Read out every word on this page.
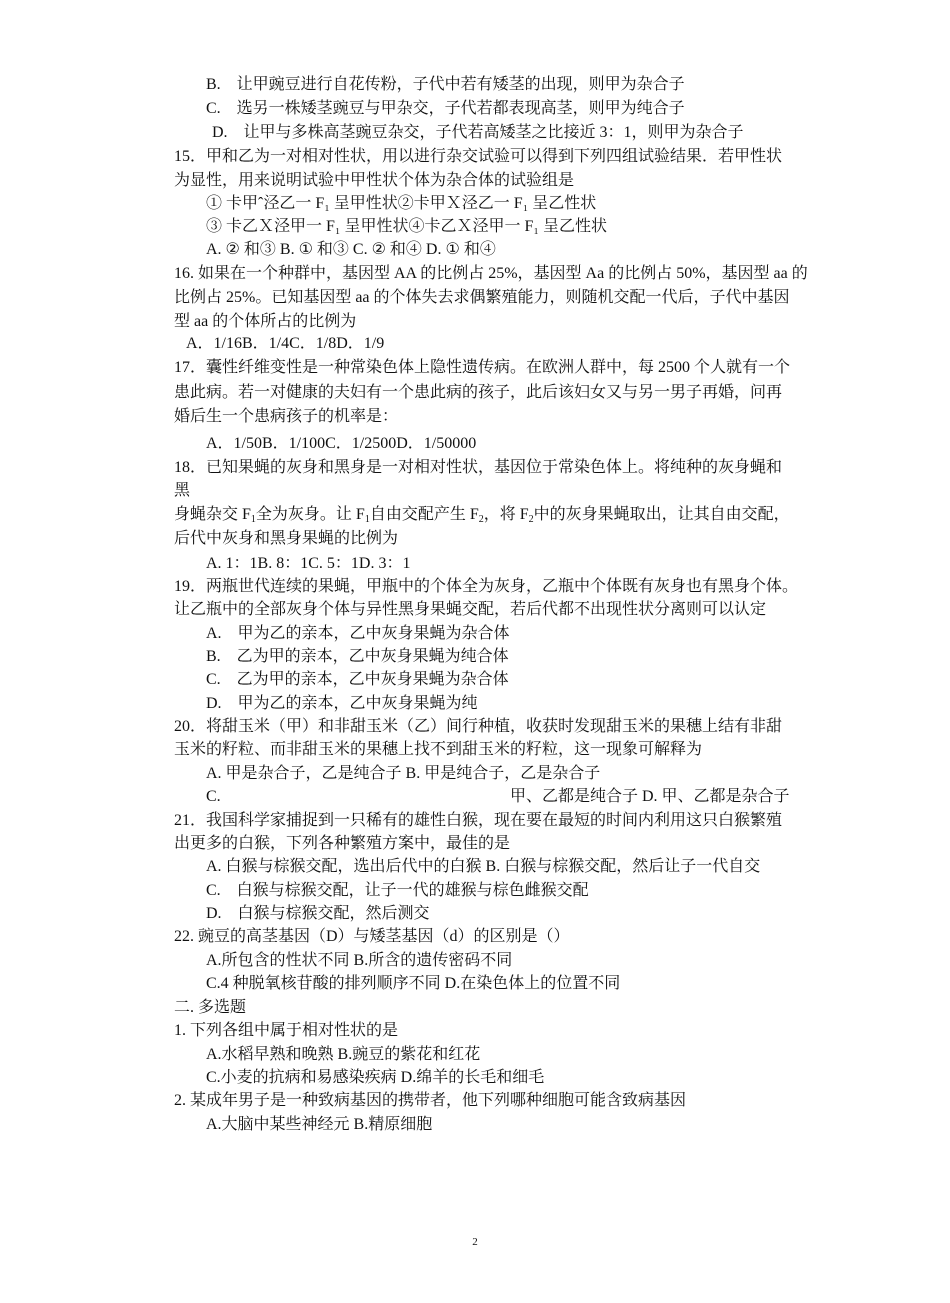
B.　让甲豌豆进行自花传粉，子代中若有矮茎的出现，则甲为杂合子
C.　选另一株矮茎豌豆与甲杂交，子代若都表现高茎，则甲为纯合子
D.　让甲与多株高茎豌豆杂交，子代若高矮茎之比接近 3：1，则甲为杂合子
15．甲和乙为一对相对性状，用以进行杂交试验可以得到下列四组试验结果．若甲性状
为显性，用来说明试验中甲性状个体为杂合体的试验组是
① 卡甲ˆ泾乙一 F₁ 呈甲性状②卡甲Ｘ泾乙一 F₁ 呈乙性状
③ 卡乙Ｘ泾甲一 F₁ 呈甲性状④卡乙Ｘ泾甲一 F₁ 呈乙性状
A. ② 和③ B. ① 和③ C. ② 和④ D. ① 和④
16. 如果在一个种群中，基因型 AA 的比例占 25%，基因型 Aa 的比例占 50%，基因型 aa 的
比例占 25%。已知基因型 aa 的个体失去求偶繁殖能力，则随机交配一代后，子代中基因
型 aa 的个体所占的比例为
A．1/16B．1/4C．1/8D．1/9
17．囊性纤维变性是一种常染色体上隐性遗传病。在欧洲人群中，每 2500 个人就有一个
患此病。若一对健康的夫妇有一个患此病的孩子，此后该妇女又与另一男子再婚，问再
婚后生一个患病孩子的机率是：
A．1/50B．1/100C．1/2500D．1/50000
18．已知果蝇的灰身和黑身是一对相对性状，基因位于常染色体上。将纯种的灰身蝇和
黑
身蝇杂交 $F_1$全为灰身。让 $F_1$自由交配产生 $F_2$，将 $F_2$中的灰身果蝇取出，让其自由交配，
后代中灰身和黑身果蝇的比例为
A. 1：1B. 8：1C. 5：1D. 3：1
19．两瓶世代连续的果蝇，甲瓶中的个体全为灰身，乙瓶中个体既有灰身也有黑身个体。
让乙瓶中的全部灰身个体与异性黑身果蝇交配，若后代都不出现性状分离则可以认定
A.　甲为乙的亲本，乙中灰身果蝇为杂合体
B.　乙为甲的亲本，乙中灰身果蝇为纯合体
C.　乙为甲的亲本，乙中灰身果蝇为杂合体
D.　甲为乙的亲本，乙中灰身果蝇为纯
20．将甜玉米（甲）和非甜玉米（乙）间行种植，收获时发现甜玉米的果穗上结有非甜
玉米的籽粒、而非甜玉米的果穗上找不到甜玉米的籽粒，这一现象可解释为
A. 甲是杂合子，乙是纯合子 B. 甲是纯合子，乙是杂合子
C.	甲、乙都是纯合子 D. 甲、乙都是杂合子
21．我国科学家捕捉到一只稀有的雄性白猴，现在要在最短的时间内利用这只白猴繁殖
出更多的白猴，下列各种繁殖方案中，最佳的是
A. 白猴与棕猴交配，选出后代中的白猴 B. 白猴与棕猴交配，然后让子一代自交
C.　白猴与棕猴交配，让子一代的雄猴与棕色雌猴交配
D.　白猴与棕猴交配，然后测交
22. 豌豆的高茎基因（D）与矮茎基因（d）的区别是（）
A.所包含的性状不同 B.所含的遗传密码不同
C.4 种脱氧核苷酸的排列顺序不同 D.在染色体上的位置不同
二. 多选题
1. 下列各组中属于相对性状的是
A.水稻早熟和晚熟 B.豌豆的紫花和红花
C.小麦的抗病和易感染疾病 D.绵羊的长毛和细毛
2. 某成年男子是一种致病基因的携带者，他下列哪种细胞可能含致病基因
A.大脑中某些神经元 B.精原细胞
2
